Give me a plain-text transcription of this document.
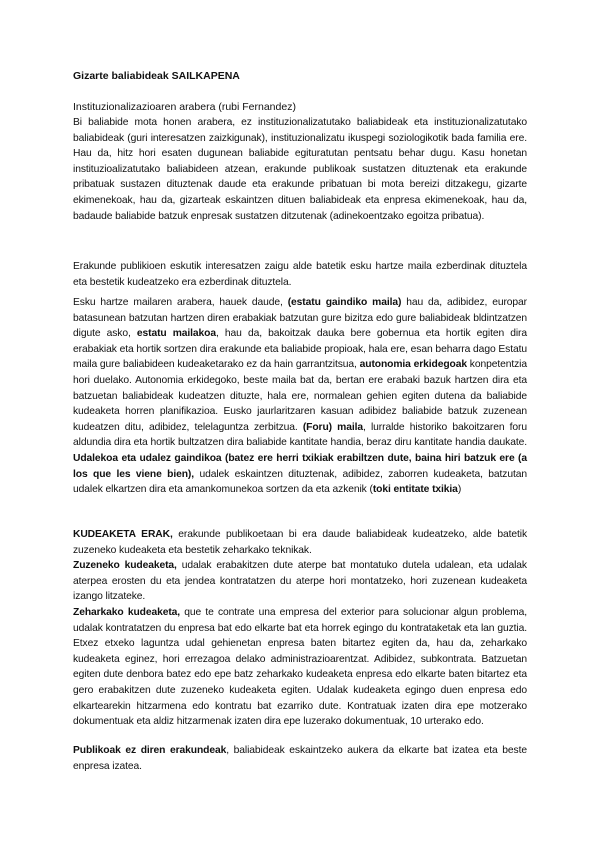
Gizarte baliabideak SAILKAPENA
Instituzionalizazioaren arabera (rubi Fernandez)
Bi baliabide mota honen arabera, ez instituzionalizatutako baliabideak eta instituzionalizatutako baliabideak (guri interesatzen zaizkigunak), instituzionalizatu ikuspegi soziologikotik bada familia ere. Hau da, hitz hori esaten dugunean baliabide egituratutan pentsatu behar dugu. Kasu honetan instituzioalizatutako baliabideen atzean, erakunde publikoak sustatzen dituztenak eta erakunde pribatuak sustazen dituztenak daude eta erakunde pribatuan bi mota bereizi ditzakegu, gizarte ekimenekoak, hau da, gizarteak eskaintzen dituen baliabideak eta enpresa ekimenekoak, hau da, badaude baliabide batzuk enpresak sustatzen ditzutenak (adinekoentzako egoitza pribatua).
Erakunde publikioen eskutik interesatzen zaigu alde batetik esku hartze maila ezberdinak dituztela eta bestetik kudeatzeko era ezberdinak dituztela.
Esku hartze mailaren arabera, hauek daude, (estatu gaindiko maila) hau da, adibidez, europar batasunean batzutan hartzen diren erabakiak batzutan gure bizitza edo gure baliabideak bldintzatzen digute asko, estatu mailakoa, hau da, bakoitzak dauka bere gobernua eta hortik egiten dira erabakiak eta hortik sortzen dira erakunde eta baliabide propioak, hala ere, esan beharra dago Estatu maila gure baliabideen kudeaketarako ez da hain garrantzitsua, autonomia erkidegoak konpetentzia hori duelako. Autonomia erkidegoko, beste maila bat da, bertan ere erabaki bazuk hartzen dira eta batzuetan baliabideak kudeatzen dituzte, hala ere, normalean gehien egiten dutena da baliabide kudeaketa horren planifikazioa. Eusko jaurlaritzaren kasuan adibidez baliabide batzuk zuzenean kudeatzen ditu, adibidez, telelaguntza zerbitzua. (Foru) maila, lurralde historiko bakoitzaren foru aldundia dira eta hortik bultzatzen dira baliabide kantitate handia, beraz diru kantitate handia daukate. Udalekoa eta udalez gaindikoa (batez ere herri txikiak erabiltzen dute, baina hiri batzuk ere (a los que les viene bien), udalek eskaintzen dituztenak, adibidez, zaborren kudeaketa, batzutan udalek elkartzen dira eta amankomunekoa sortzen da eta azkenik (toki entitate txikia)
KUDEAKETA ERAK, erakunde publikoetaan bi era daude baliabideak kudeatzeko, alde batetik zuzeneko kudeaketa eta bestetik zeharkako teknikak.
Zuzeneko kudeaketa, udalak erabakitzen dute aterpe bat montatuko dutela udalean, eta udalak aterpea erosten du eta jendea kontratatzen du aterpe hori montatzeko, hori zuzenean kudeaketa izango litzateke.
Zeharkako kudeaketa, que te contrate una empresa del exterior para solucionar algun problema, udalak kontratatzen du enpresa bat edo elkarte bat eta horrek egingo du kontrataketak eta lan guztia. Etxez etxeko laguntza udal gehienetan enpresa baten bitartez egiten da, hau da, zeharkako kudeaketa eginez, hori errezagoa delako administrazioarentzat. Adibidez, subkontrata. Batzuetan egiten dute denbora batez edo epe batz zeharkako kudeaketa enpresa edo elkarte baten bitartez eta gero erabakitzen dute zuzeneko kudeaketa egiten. Udalak kudeaketa egingo duen enpresa edo elkartearekin hitzarmena edo kontratu bat ezarriko dute. Kontratuak izaten dira epe motzerako dokumentuak eta aldiz hitzarmenak izaten dira epe luzerako dokumentuak, 10 urterako edo.
Publikoak ez diren erakundeak, baliabideak eskaintzeko aukera da elkarte bat izatea eta beste enpresa izatea.
